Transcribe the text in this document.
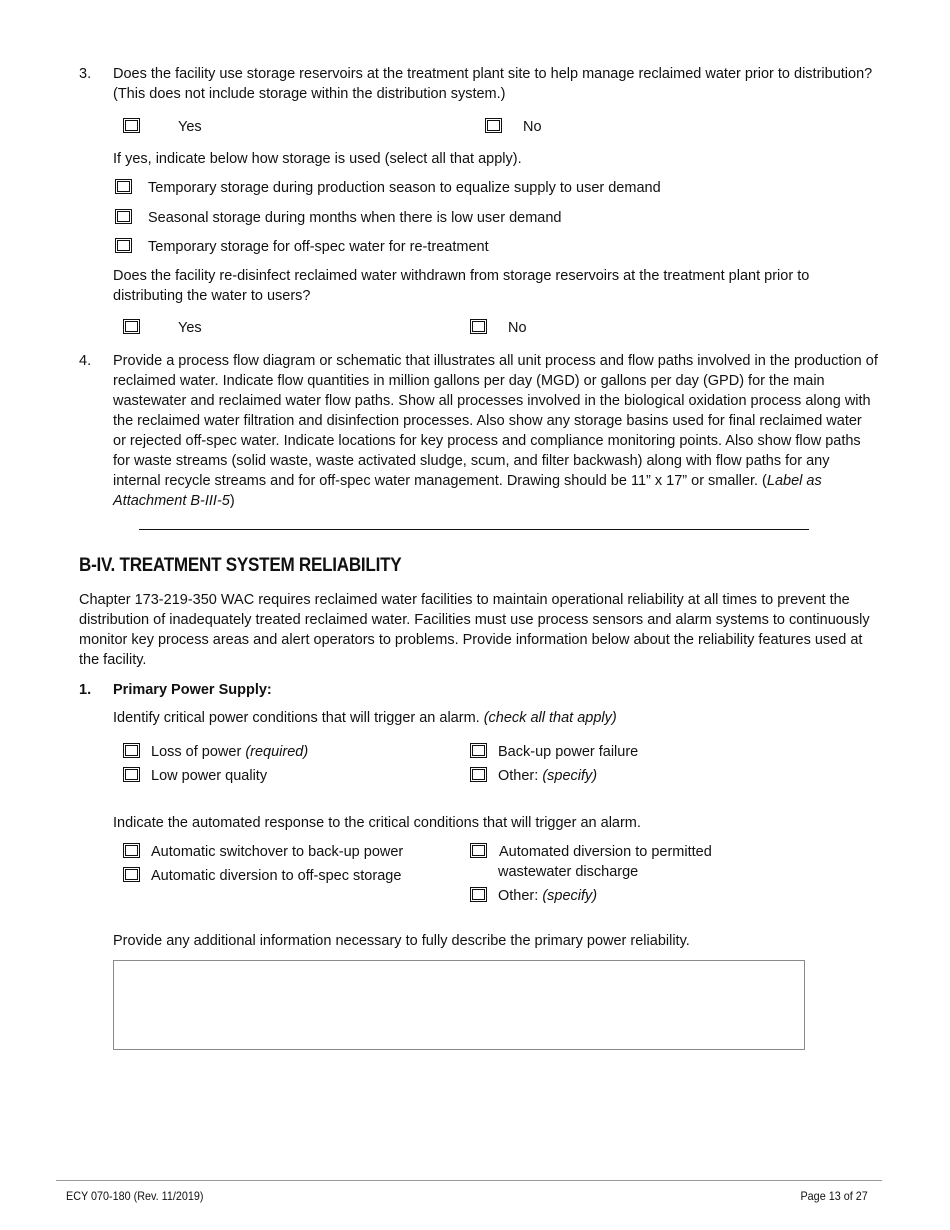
3. Does the facility use storage reservoirs at the treatment plant site to help manage reclaimed water prior to distribution? (This does not include storage within the distribution system.)
Yes	No
If yes, indicate below how storage is used (select all that apply).
Temporary storage during production season to equalize supply to user demand
Seasonal storage during months when there is low user demand
Temporary storage for off-spec water for re-treatment
Does the facility re-disinfect reclaimed water withdrawn from storage reservoirs at the treatment plant prior to distributing the water to users?
Yes	No
4. Provide a process flow diagram or schematic that illustrates all unit process and flow paths involved in the production of reclaimed water. Indicate flow quantities in million gallons per day (MGD) or gallons per day (GPD) for the main wastewater and reclaimed water flow paths. Show all processes involved in the biological oxidation process along with the reclaimed water filtration and disinfection processes. Also show any storage basins used for final reclaimed water or rejected off-spec water. Indicate locations for key process and compliance monitoring points. Also show flow paths for waste streams (solid waste, waste activated sludge, scum, and filter backwash) along with flow paths for any internal recycle streams and for off-spec water management. Drawing should be 11” x 17” or smaller. (Label as Attachment B-III-5)
B-IV. TREATMENT SYSTEM RELIABILITY
Chapter 173-219-350 WAC requires reclaimed water facilities to maintain operational reliability at all times to prevent the distribution of inadequately treated reclaimed water. Facilities must use process sensors and alarm systems to continuously monitor key process areas and alert operators to problems. Provide information below about the reliability features used at the facility.
1. Primary Power Supply:
Identify critical power conditions that will trigger an alarm. (check all that apply)
Loss of power (required)	Back-up power failure
Low power quality	Other: (specify)
Indicate the automated response to the critical conditions that will trigger an alarm.
Automatic switchover to back-up power	Automated diversion to permitted
wastewater discharge
Automatic diversion to off-spec storage
Other: (specify)
Provide any additional information necessary to fully describe the primary power reliability.
ECY 070-180 (Rev. 11/2019)	Page 13 of 27
